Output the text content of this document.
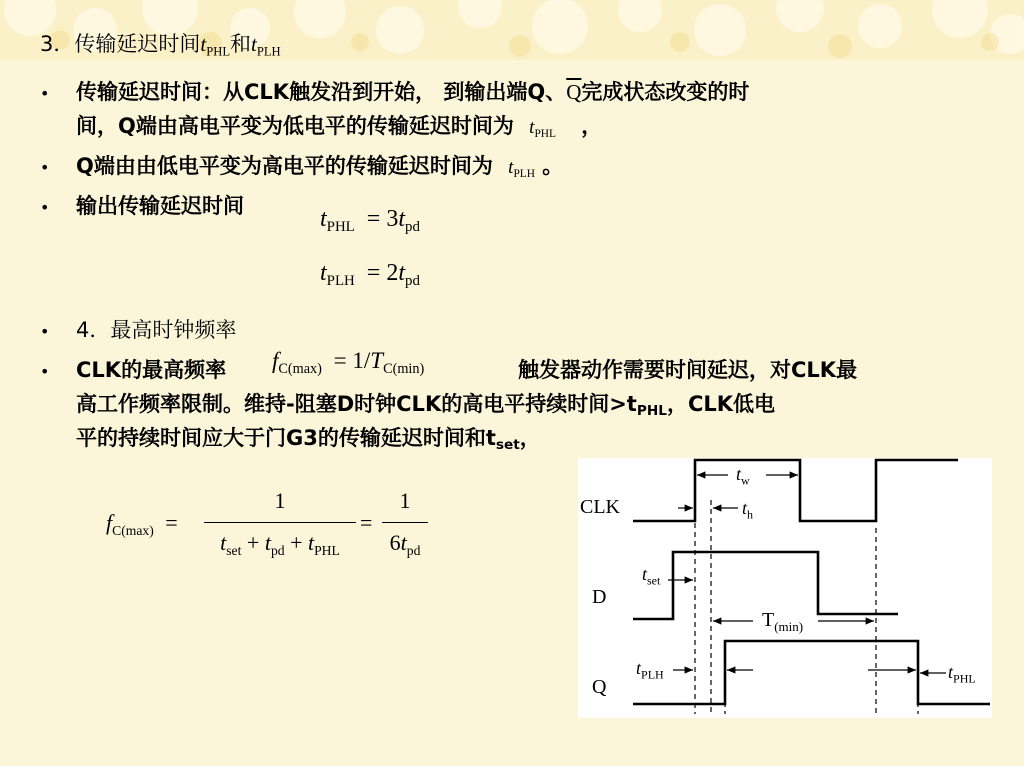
3．传输延迟时间$t_{PHL}$和$t_{PLH}$
• 传输延迟时间：从CLK触发沿到开始， 到输出端Q、$\overline{Q}$完成状态改变的时
间，Q端由高电平变为低电平的传输延迟时间为 $t_{PHL}$ ，
• Q端由由低电平变为高电平的传输延迟时间为 $t_{PLH}$ 。
• 输出传输延迟时间	$t_{PHL} = 3t_{pd}$
$t_{PLH} = 2t_{pd}$
• 4．最高时钟频率
• CLK的最高频率 $f_{C(max)} = 1/T_{C(min)}$	触发器动作需要时间延迟，对CLK最
高工作频率限制。维持-阻塞D时钟CLK的高电平持续时间>tPHL，CLK低电
平的持续时间应大于门G3的传输延迟时间和tset，
$f_{C(max)}$ =
1
$t_{set} + t_{pd} + t_{PHL}$
=
1
$6t_{pd}$
CLK
D
Q
$t_w$
$t_h$
$t_{set}$
$T_{(min)}$
$t_{PLH}$	$t_{PHL}$
